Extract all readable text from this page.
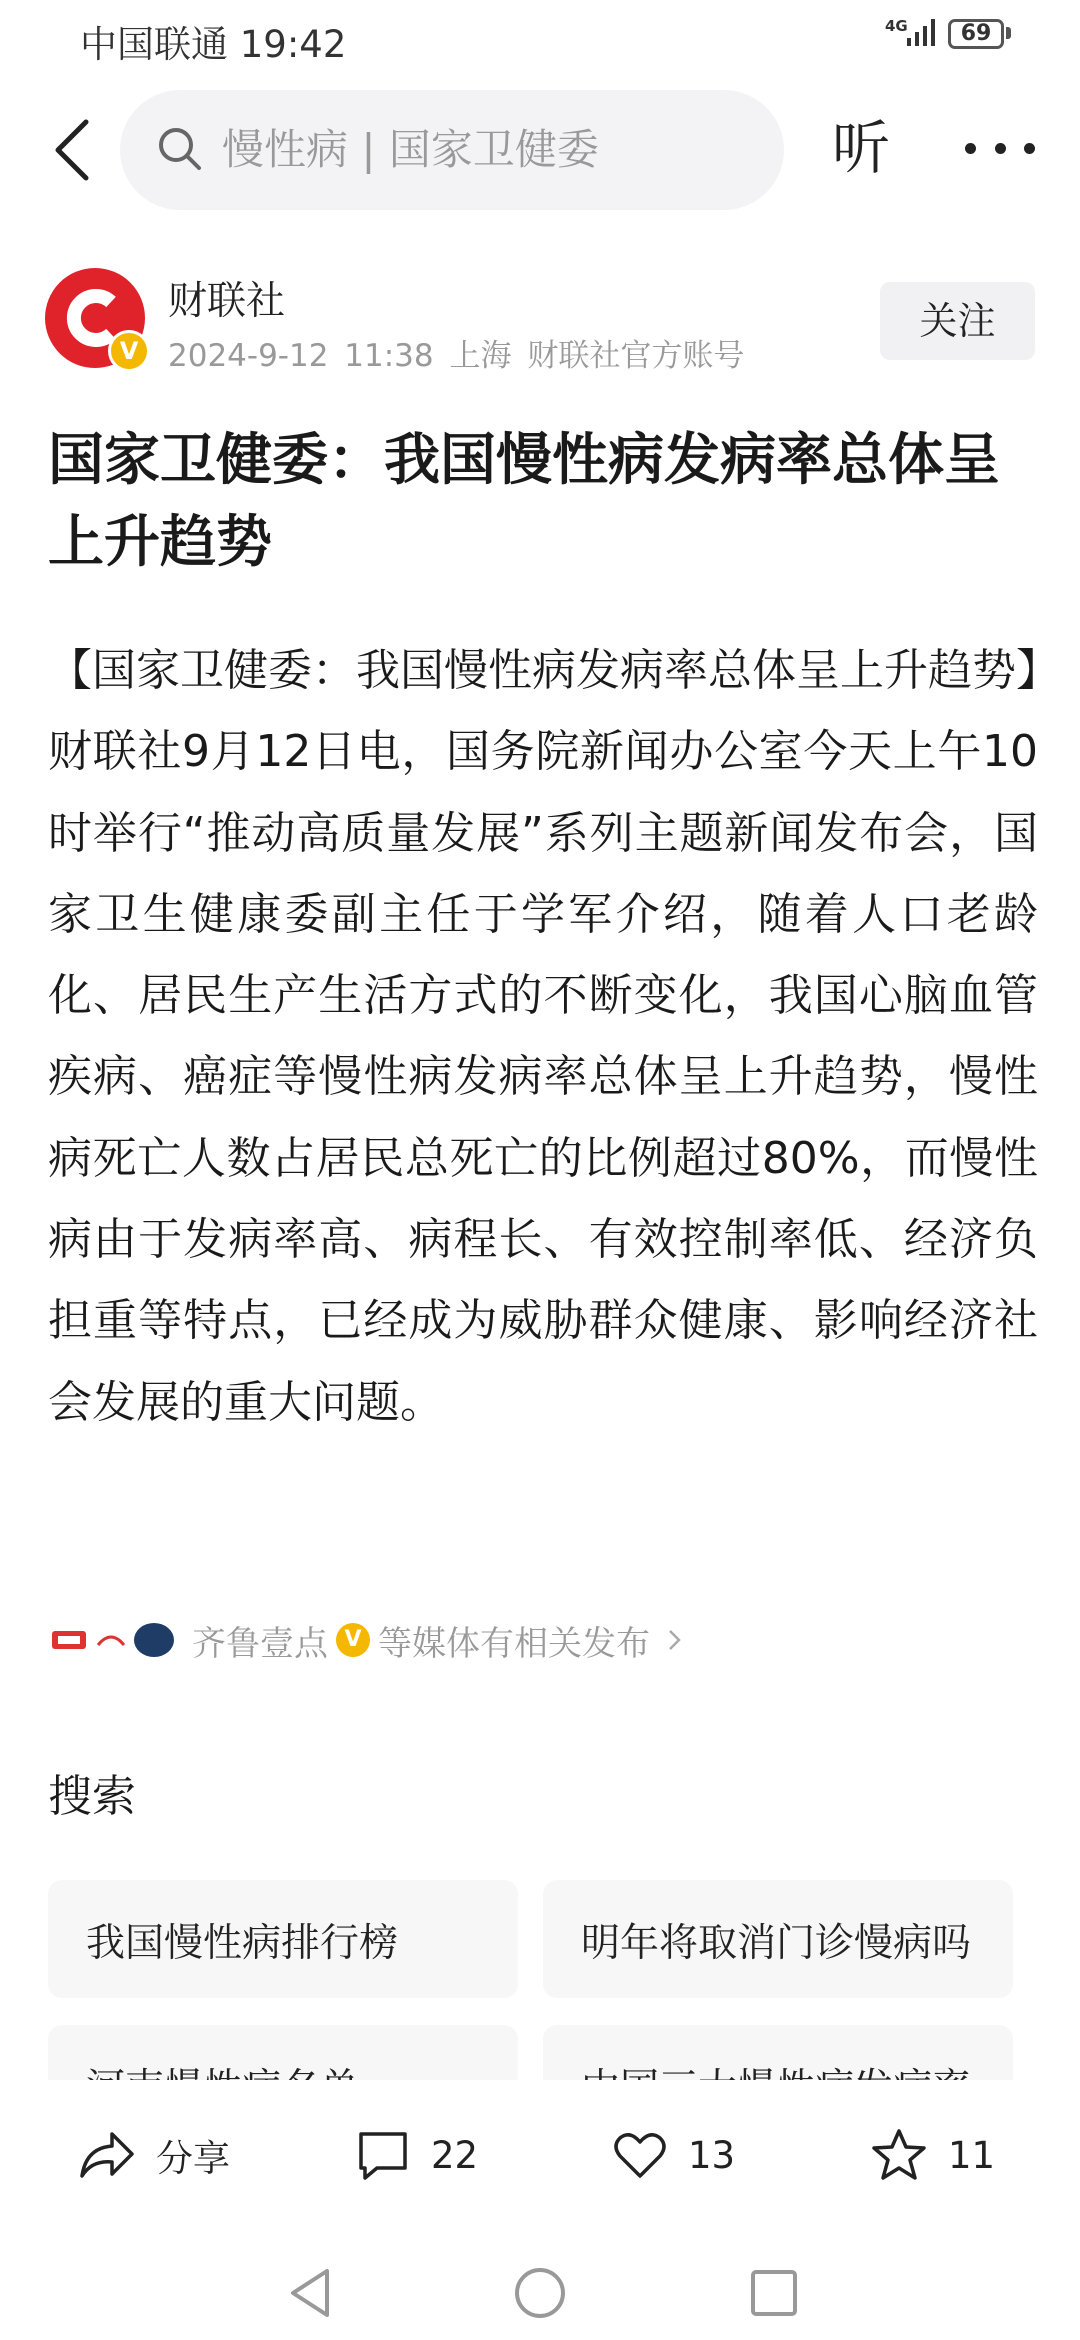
中国联通 19:42	4G	69
慢性病 | 国家卫健委	听
V
财联社
2024-9-12 11:38 上海 财联社官方账号
关注
国家卫健委：我国慢性病发病率总体呈上升趋势
【国家卫健委：我国慢性病发病率总体呈上升趋势】财联社9月12日电，国务院新闻办公室今天上午10时举行“推动高质量发展”系列主题新闻发布会，国家卫生健康委副主任于学军介绍，随着人口老龄化、居民生产生活方式的不断变化，我国心脑血管疾病、癌症等慢性病发病率总体呈上升趋势，慢性病死亡人数占居民总死亡的比例超过80%，而慢性病由于发病率高、病程长、有效控制率低、经济负担重等特点，已经成为威胁群众健康、影响经济社会发展的重大问题。
齐鲁壹点 V 等媒体有相关发布
搜索
我国慢性病排行榜	明年将取消门诊慢病吗
分享	22	13	11
